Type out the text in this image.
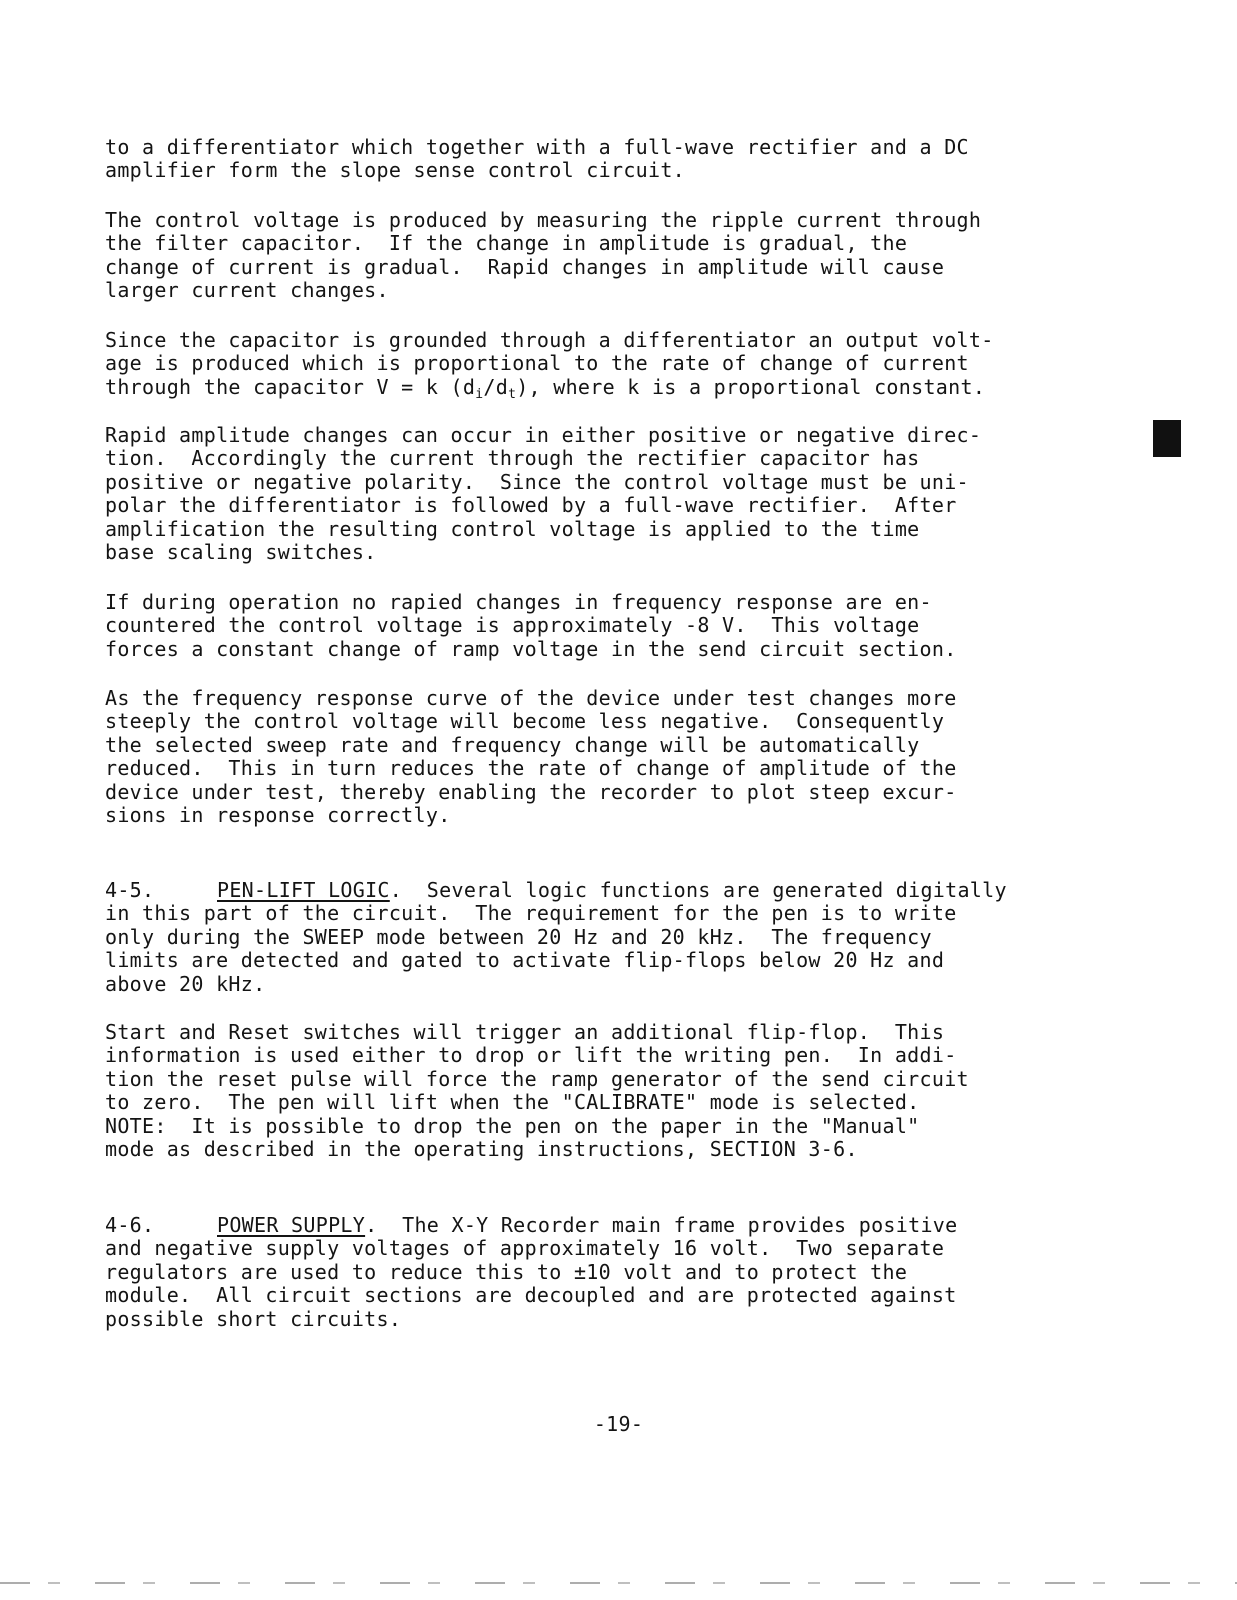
to a differentiator which together with a full-wave rectifier and a DC
amplifier form the slope sense control circuit.
The control voltage is produced by measuring the ripple current through
the filter capacitor.  If the change in amplitude is gradual, the
change of current is gradual.  Rapid changes in amplitude will cause
larger current changes.
Since the capacitor is grounded through a differentiator an output volt-
age is produced which is proportional to the rate of change of current
through the capacitor V = k $(d_i/d_t)$, where k is a proportional constant.
Rapid amplitude changes can occur in either positive or negative direc-
tion.  Accordingly the current through the rectifier capacitor has
positive or negative polarity.  Since the control voltage must be uni-
polar the differentiator is followed by a full-wave rectifier.  After
amplification the resulting control voltage is applied to the time
base scaling switches.
If during operation no rapied changes in frequency response are en-
countered the control voltage is approximately -8 V.  This voltage
forces a constant change of ramp voltage in the send circuit section.
As the frequency response curve of the device under test changes more
steeply the control voltage will become less negative.  Consequently
the selected sweep rate and frequency change will be automatically
reduced.  This in turn reduces the rate of change of amplitude of the
device under test, thereby enabling the recorder to plot steep excur-
sions in response correctly.
4-5.	PEN-LIFT LOGIC.  Several logic functions are generated digitally
in this part of the circuit.  The requirement for the pen is to write
only during the SWEEP mode between 20 Hz and 20 kHz.  The frequency
limits are detected and gated to activate flip-flops below 20 Hz and
above 20 kHz.
Start and Reset switches will trigger an additional flip-flop.  This
information is used either to drop or lift the writing pen.  In addi-
tion the reset pulse will force the ramp generator of the send circuit
to zero.  The pen will lift when the "CALIBRATE" mode is selected.
NOTE:  It is possible to drop the pen on the paper in the "Manual"
mode as described in the operating instructions, SECTION 3-6.
4-6.	POWER SUPPLY.  The X-Y Recorder main frame provides positive
and negative supply voltages of approximately 16 volt.  Two separate
regulators are used to reduce this to ±10 volt and to protect the
module.  All circuit sections are decoupled and are protected against
possible short circuits.
-19-
